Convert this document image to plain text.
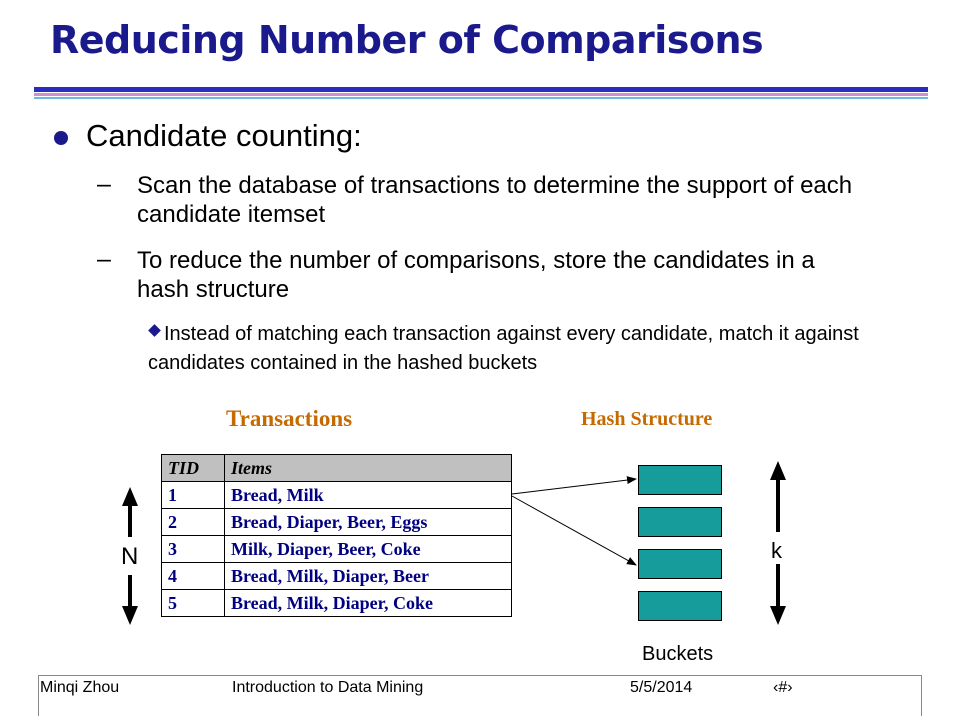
Reducing Number of Comparisons
Candidate counting:
– Scan the database of transactions to determine the support of each candidate itemset
– To reduce the number of comparisons, store the candidates in a hash structure
Instead of matching each transaction against every candidate, match it against candidates contained in the hashed buckets
Transactions	Hash Structure
TID	Items
1	Bread, Milk
2	Bread, Diaper, Beer, Eggs
3	Milk, Diaper, Beer, Coke
4	Bread, Milk, Diaper, Beer
5	Bread, Milk, Diaper, Coke
N	k
Buckets
Minqi Zhou	Introduction to Data Mining	5/5/2014	‹#›
